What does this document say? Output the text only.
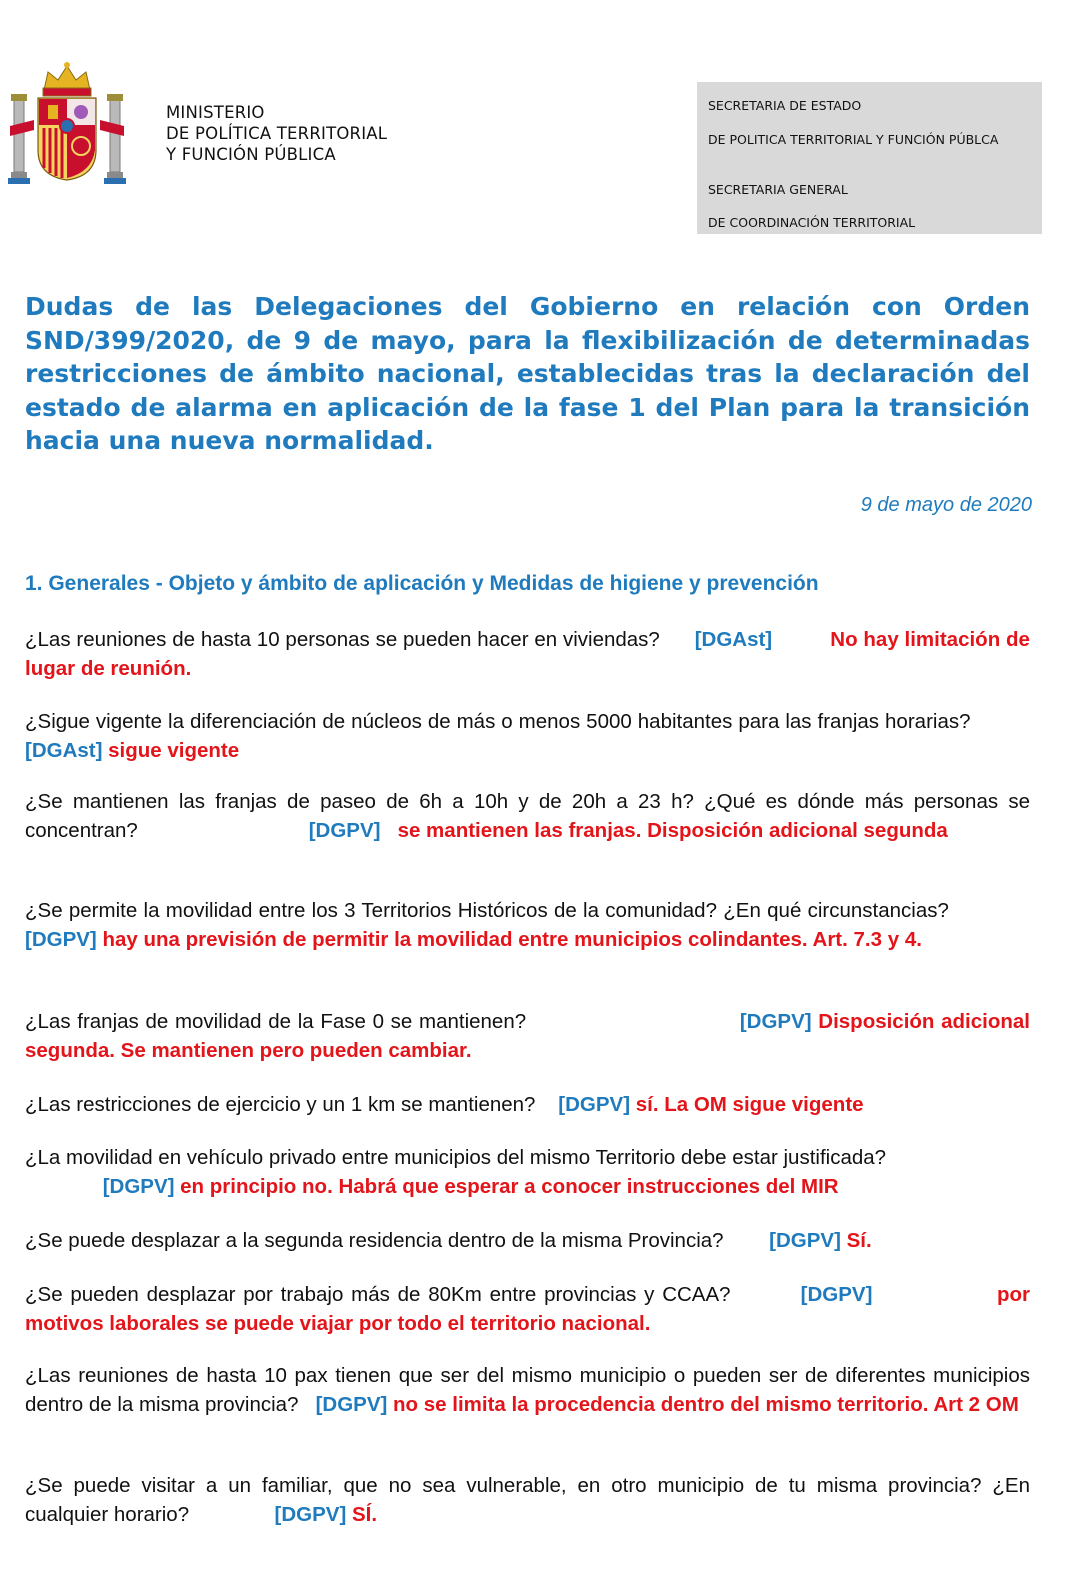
MINISTERIO
DE POLÍTICA TERRITORIAL
Y FUNCIÓN PÚBLICA
SECRETARIA DE ESTADO
DE POLITICA TERRITORIAL Y FUNCIÓN PÚBLCA
SECRETARIA GENERAL
DE COORDINACIÓN TERRITORIAL
Dudas de las Delegaciones del Gobierno en relación con Orden SND/399/2020, de 9 de mayo, para la flexibilización de determinadas restricciones de ámbito nacional, establecidas tras la declaración del estado de alarma en aplicación de la fase 1 del Plan para la transición hacia una nueva normalidad.
9 de mayo de 2020
1. Generales - Objeto y ámbito de aplicación y Medidas de higiene y prevención
¿Las reuniones de hasta 10 personas se pueden hacer en viviendas? [DGAst]	No hay limitación de lugar de reunión.
¿Sigue vigente la diferenciación de núcleos de más o menos 5000 habitantes para las franjas horarias?           [DGAst] sigue vigente
¿Se mantienen las franjas de paseo de 6h a 10h y de 20h a 23 h? ¿Qué es dónde más personas se concentran?	[DGPV] se mantienen las franjas. Disposición adicional segunda
¿Se permite la movilidad entre los 3 Territorios Históricos de la comunidad? ¿En qué circunstancias?              [DGPV] hay una previsión de permitir la movilidad entre municipios colindantes. Art. 7.3 y 4.
¿Las franjas de movilidad de la Fase 0 se mantienen?	[DGPV] Disposición adicional segunda. Se mantienen pero pueden cambiar.
¿Las restricciones de ejercicio y un 1 km se mantienen? [DGPV] sí. La OM sigue vigente
¿La movilidad en vehículo privado entre municipios del mismo Territorio debe estar justificada?
[DGPV] en principio no. Habrá que esperar a conocer instrucciones del MIR
¿Se puede desplazar a la segunda residencia dentro de la misma Provincia? [DGPV] Sí.
¿Se pueden desplazar por trabajo más de 80Km entre provincias y CCAA?	[DGPV]	por motivos laborales se puede viajar por todo el territorio nacional.
¿Las reuniones de hasta 10 pax tienen que ser del mismo municipio o pueden ser de diferentes municipios dentro de la misma provincia? [DGPV] no se limita la procedencia dentro del mismo territorio. Art 2 OM
¿Se puede visitar a un familiar, que no sea vulnerable, en otro municipio de tu misma provincia? ¿En cualquier horario?	[DGPV] SÍ.
